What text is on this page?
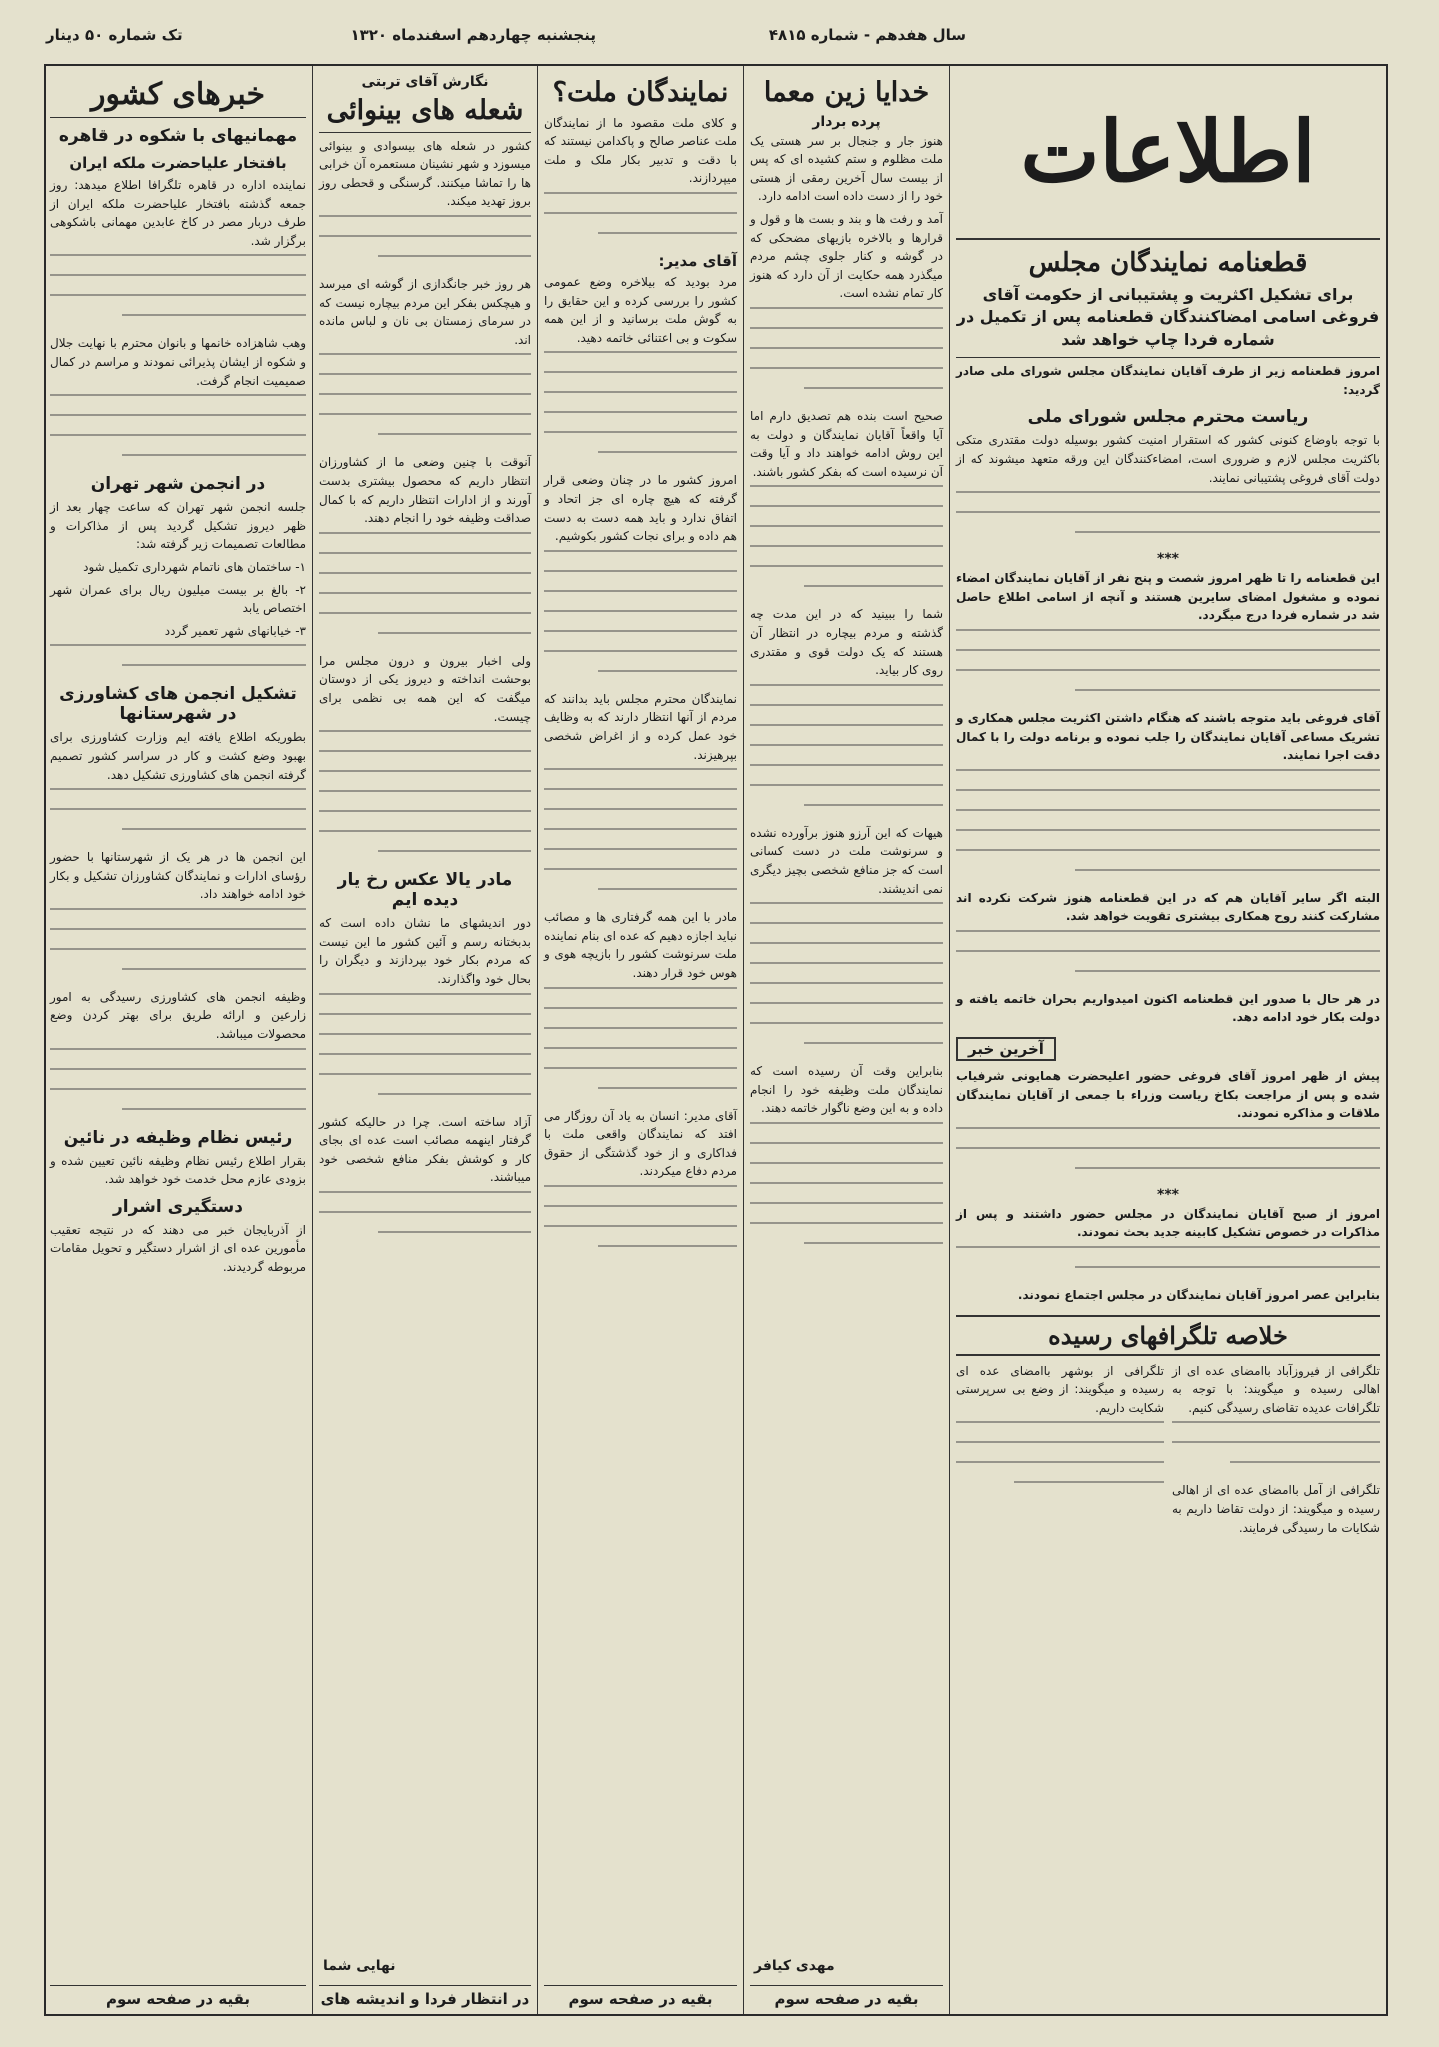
سال هفدهم - شماره ۴۸۱۵
پنجشنبه چهاردهم اسفندماه ۱۳۲۰
تک شماره ۵۰ دینار
اطلاعات
قطعنامه نمایندگان مجلس
برای تشکیل اکثریت و پشتیبانی از حکومت آقای فروغی اسامی امضاکنندگان قطعنامه پس از تکمیل در شماره فردا چاپ خواهد شد

امروز قطعنامه زیر از طرف آقایان نمایندگان مجلس شورای ملی صادر گردید:

ریاست محترم مجلس شورای ملی

با توجه باوضاع کنونی کشور که استقرار امنیت کشور بوسیله دولت مقتدری متکی باکثریت مجلس لازم و ضروری است، امضاءکنندگان این ورقه متعهد میشوند که از دولت آقای فروغی پشتیبانی نمایند.

***

این قطعنامه را تا ظهر امروز شصت و پنج نفر از آقایان نمایندگان امضاء نموده و مشغول امضای سایرین هستند و آنچه از اسامی اطلاع حاصل شد در شماره فردا درج میگردد.

آقای فروغی باید متوجه باشند که هنگام داشتن اکثریت مجلس همکاری و تشریک مساعی آقایان نمایندگان را جلب نموده و برنامه دولت را با کمال دقت اجرا نمایند.

البته اگر سایر آقایان هم که در این قطعنامه هنوز شرکت نکرده اند مشارکت کنند روح همکاری بیشتری تقویت خواهد شد.

در هر حال با صدور این قطعنامه اکنون امیدواریم بحران خاتمه یافته و دولت بکار خود ادامه دهد.

آخرین خبر

پیش از ظهر امروز آقای فروغی حضور اعلیحضرت همایونی شرفیاب شده و پس از مراجعت بکاخ ریاست وزراء با جمعی از آقایان نمایندگان ملاقات و مذاکره نمودند.

***

امروز از صبح آقایان نمایندگان در مجلس حضور داشتند و پس از مذاکرات در خصوص تشکیل کابینه جدید بحث نمودند.

بنابراین عصر امروز آقایان نمایندگان در مجلس اجتماع نمودند.

خلاصه تلگرافهای رسیده

تلگرافی از فیروزآباد باامضای عده ای از اهالی رسیده و میگویند: با توجه به تلگرافات عدیده تقاضای رسیدگی کنیم.

تلگرافی از آمل باامضای عده ای از اهالی رسیده و میگویند: از دولت تقاضا داریم به شکایات ما رسیدگی فرمایند.

تلگرافی از بوشهر باامضای عده ای رسیده و میگویند: از وضع بی سرپرستی شکایت داریم.

خدایا زین معما
پرده بردار

هنوز جار و جنجال بر سر هستی یک ملت مظلوم و ستم کشیده ای که پس از بیست سال آخرین رمقی از هستی خود را از دست داده است ادامه دارد.

آمد و رفت ها و بند و بست ها و قول و قرارها و بالاخره بازیهای مضحکی که در گوشه و کنار جلوی چشم مردم میگذرد همه حکایت از آن دارد که هنوز کار تمام نشده است.

صحیح است بنده هم تصدیق دارم اما آیا واقعاً آقایان نمایندگان و دولت به این روش ادامه خواهند داد و آیا وقت آن نرسیده است که بفکر کشور باشند.

شما را ببینید که در این مدت چه گذشته و مردم بیچاره در انتظار آن هستند که یک دولت قوی و مقتدری روی کار بیاید.

هیهات که این آرزو هنوز برآورده نشده و سرنوشت ملت در دست کسانی است که جز منافع شخصی بچیز دیگری نمی اندیشند.

بنابراین وقت آن رسیده است که نمایندگان ملت وظیفه خود را انجام داده و به این وضع ناگوار خاتمه دهند.

مهدی کیافر
بقیه در صفحه سوم
نمایندگان ملت؟

و کلای ملت مقصود ما از نمایندگان ملت عناصر صالح و پاکدامن نیستند که با دقت و تدبیر بکار ملک و ملت میپردازند.

آقای مدیر:

مرد بودید که بیلاخره وضع عمومی کشور را بررسی کرده و این حقایق را به گوش ملت برسانید و از این همه سکوت و بی اعتنائی خاتمه دهید.

امروز کشور ما در چنان وضعی قرار گرفته که هیچ چاره ای جز اتحاد و اتفاق ندارد و باید همه دست به دست هم داده و برای نجات کشور بکوشیم.

نمایندگان محترم مجلس باید بدانند که مردم از آنها انتظار دارند که به وظایف خود عمل کرده و از اغراض شخصی بپرهیزند.

مادر با این همه گرفتاری ها و مصائب نباید اجازه دهیم که عده ای بنام نماینده ملت سرنوشت کشور را بازیچه هوی و هوس خود قرار دهند.

آقای مدیر: انسان به یاد آن روزگار می افتد که نمایندگان واقعی ملت با فداکاری و از خود گذشتگی از حقوق مردم دفاع میکردند.

بقیه در صفحه سوم
نگارش آقای تربتی
شعله های بینوائی

کشور در شعله های بیسوادی و بینوائی میسوزد و شهر نشینان مستعمره آن خرابی ها را تماشا میکنند. گرسنگی و قحطی روز بروز تهدید میکند.

هر روز خبر جانگدازی از گوشه ای میرسد و هیچکس بفکر این مردم بیچاره نیست که در سرمای زمستان بی نان و لباس مانده اند.

آنوقت با چنین وضعی ما از کشاورزان انتظار داریم که محصول بیشتری بدست آورند و از ادارات انتظار داریم که با کمال صداقت وظیفه خود را انجام دهند.

ولی اخبار بیرون و درون مجلس مرا بوحشت انداخته و دیروز یکی از دوستان میگفت که این همه بی نظمی برای چیست.

مادر یالا عکس رخ یار دیده ایم

دور اندیشهای ما نشان داده است که بدبختانه رسم و آئین کشور ما این نیست که مردم بکار خود بپردازند و دیگران را بحال خود واگذارند.

آزاد ساخته است. چرا در حالیکه کشور گرفتار اینهمه مصائب است عده ای بجای کار و کوشش بفکر منافع شخصی خود میباشند.

نهایی شما
در انتظار فردا و اندیشه های
خبرهای کشور
مهمانیهای با شکوه در قاهره
بافتخار علیاحضرت ملکه ایران

نماینده اداره در قاهره تلگرافا اطلاع میدهد: روز جمعه گذشته بافتخار علیاحضرت ملکه ایران از طرف دربار مصر در کاخ عابدین مهمانی باشکوهی برگزار شد.

وهب شاهزاده خانمها و بانوان محترم با نهایت جلال و شکوه از ایشان پذیرائی نمودند و مراسم در کمال صمیمیت انجام گرفت.

در انجمن شهر تهران

جلسه انجمن شهر تهران که ساعت چهار بعد از ظهر دیروز تشکیل گردید پس از مذاکرات و مطالعات تصمیمات زیر گرفته شد:

۱- ساختمان های ناتمام شهرداری تکمیل شود

۲- بالغ بر بیست میلیون ریال برای عمران شهر اختصاص یابد

۳- خیابانهای شهر تعمیر گردد

تشکیل انجمن های کشاورزی در شهرستانها

بطوریکه اطلاع یافته ایم وزارت کشاورزی برای بهبود وضع کشت و کار در سراسر کشور تصمیم گرفته انجمن های کشاورزی تشکیل دهد.

این انجمن ها در هر یک از شهرستانها با حضور رؤسای ادارات و نمایندگان کشاورزان تشکیل و بکار خود ادامه خواهند داد.

وظیفه انجمن های کشاورزی رسیدگی به امور زارعین و ارائه طریق برای بهتر کردن وضع محصولات میباشد.

رئیس نظام وظیفه در نائین

بقرار اطلاع رئیس نظام وظیفه نائین تعیین شده و بزودی عازم محل خدمت خود خواهد شد.

دستگیری اشرار

از آذربایجان خبر می دهند که در نتیجه تعقیب مأمورین عده ای از اشرار دستگیر و تحویل مقامات مربوطه گردیدند.

بقیه در صفحه سوم
